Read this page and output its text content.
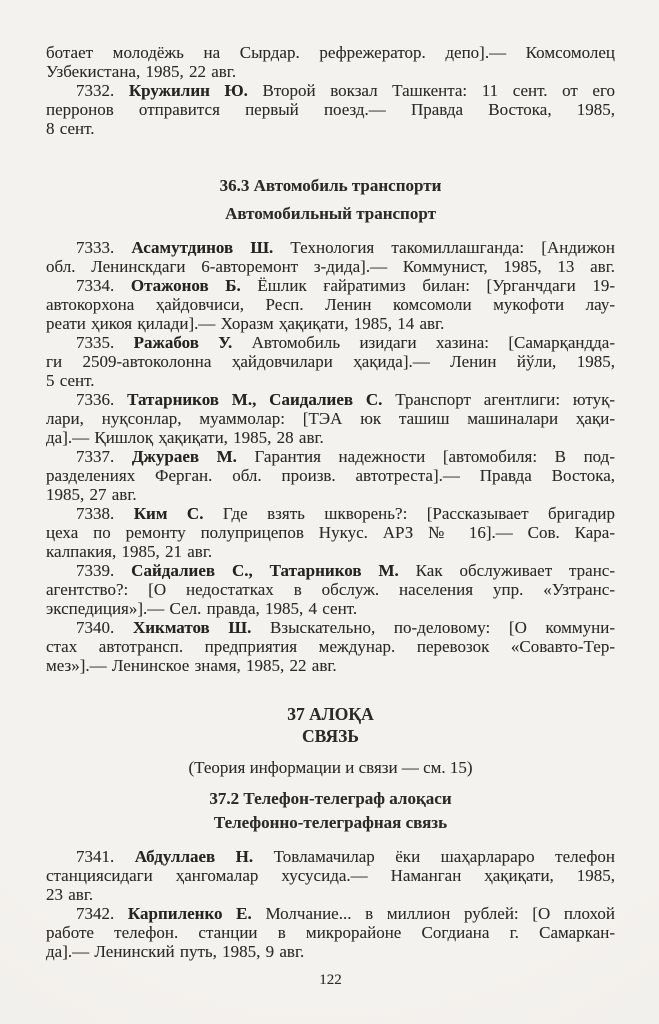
ботает молодёжь на Сырдар. рефрежератор. депо].— Комсомолец
Узбекистана, 1985, 22 авг.
7332. Кружилин Ю. Второй вокзал Ташкента: 11 сент. от его
перронов отправится первый поезд.— Правда Востока, 1985,
8 сент.
36.3 Автомобиль транспорти
Автомобильный транспорт
7333. Асамутдинов Ш. Технология такомиллашганда: [Андижон
обл. Ленинскдаги 6-авторемонт з-дида].— Коммунист, 1985, 13 авг.
7334. Отажонов Б. Ёшлик ғайратимиз билан: [Урганчдаги 19-
автокорхона ҳайдовчиси, Респ. Ленин комсомоли мукофоти лау-
реати ҳикоя қилади].— Хоразм ҳақиқати, 1985, 14 авг.
7335. Ражабов У. Автомобиль изидаги хазина: [Самарқандда-
ги 2509-автоколонна ҳайдовчилари ҳақида].— Ленин йўли, 1985,
5 сент.
7336. Татарников М., Саидалиев С. Транспорт агентлиги: ютуқ-
лари, нуқсонлар, муаммолар: [ТЭА юк ташиш машиналари ҳақи-
да].— Қишлоқ ҳақиқати, 1985, 28 авг.
7337. Джураев М. Гарантия надежности [автомобиля: В под-
разделениях Ферган. обл. произв. автотреста].— Правда Востока,
1985, 27 авг.
7338. Ким С. Где взять шкворень?: [Рассказывает бригадир
цеха по ремонту полуприцепов Нукус. АРЗ № 16].— Сов. Кара-
калпакия, 1985, 21 авг.
7339. Сайдалиев С., Татарников М. Как обслуживает транс-
агентство?: [О недостатках в обслуж. населения упр. «Узтранс-
экспедиция»].— Сел. правда, 1985, 4 сент.
7340. Хикматов Ш. Взыскательно, по-деловому: [О коммуни-
стах автотрансп. предприятия междунар. перевозок «Совавто-Тер-
мез»].— Ленинское знамя, 1985, 22 авг.
37 АЛОҚА
СВЯЗЬ
(Теория информации и связи — см. 15)
37.2 Телефон-телеграф алоқаси
Телефонно-телеграфная связь
7341. Абдуллаев Н. Товламачилар ёки шаҳарлараро телефон
станциясидаги ҳангомалар хусусида.— Наманган ҳақиқати, 1985,
23 авг.
7342. Карпиленко Е. Молчание... в миллион рублей: [О плохой
работе телефон. станции в микрорайоне Согдиана г. Самаркан-
да].— Ленинский путь, 1985, 9 авг.
122
